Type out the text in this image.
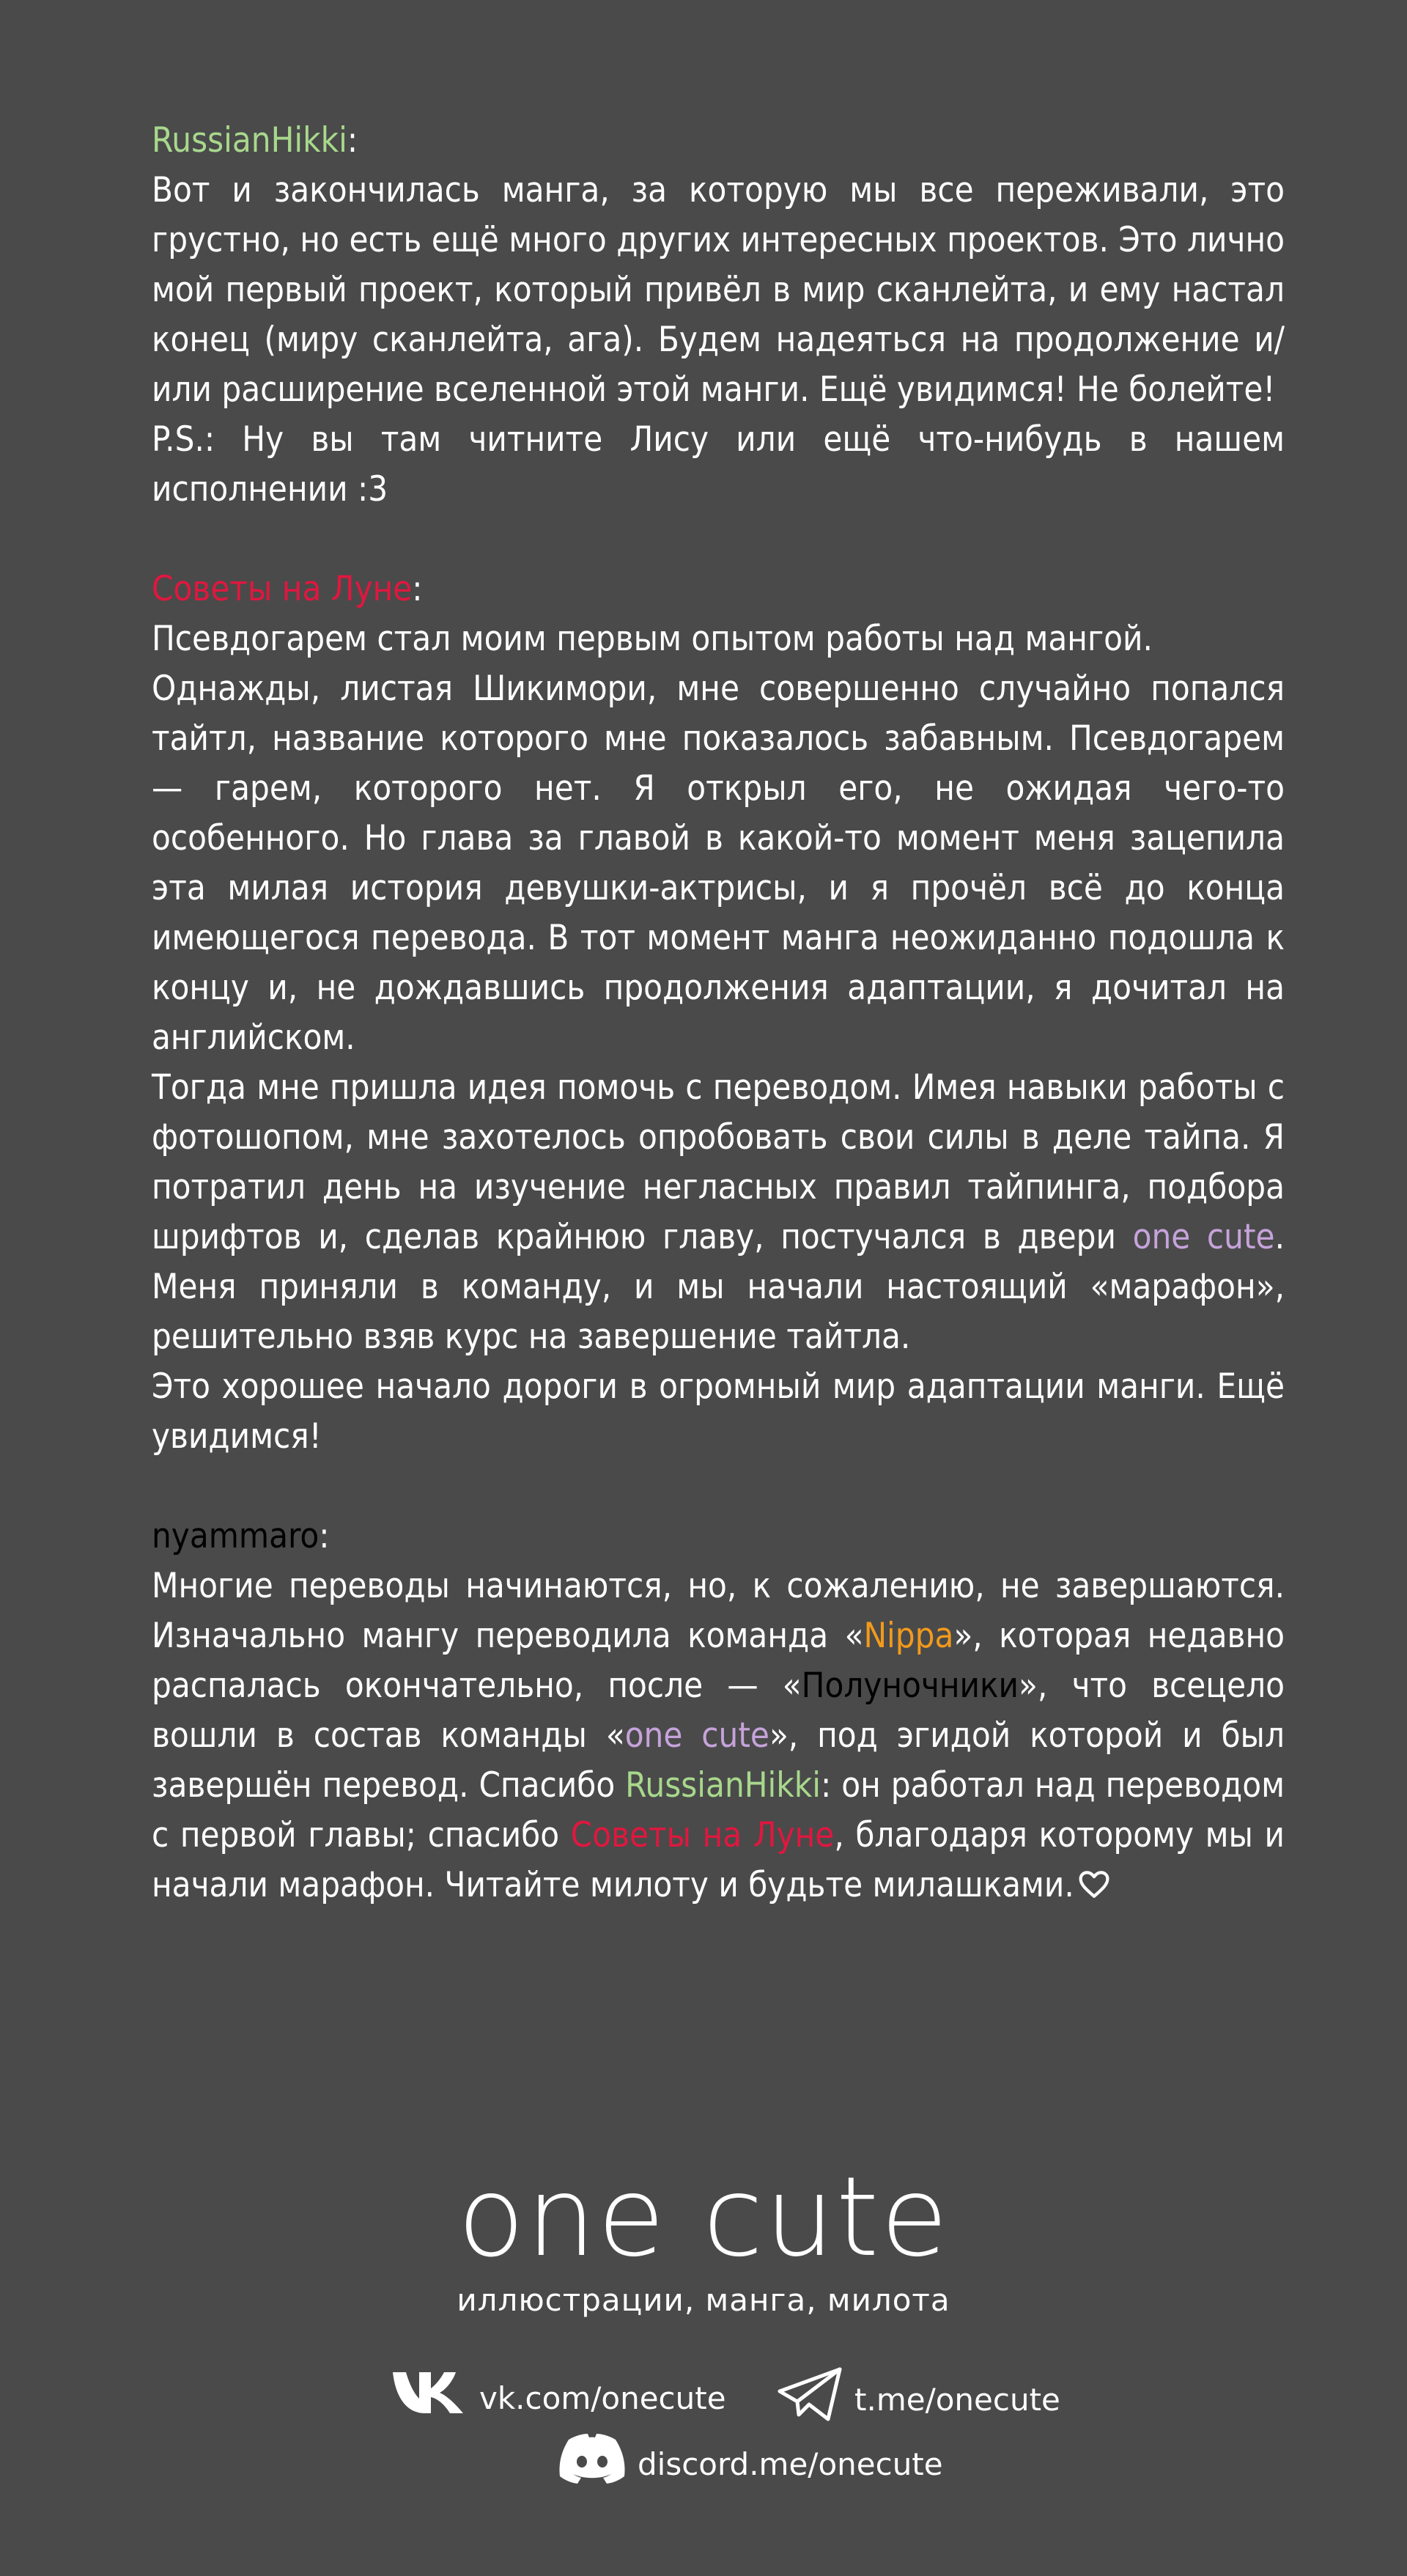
RussianHikki:

Вот и закончилась манга, за которую мы все переживали, это грустно, но есть ещё много других интересных проектов. Это лично мой первый проект, который привёл в мир сканлейта, и ему настал конец (миру сканлейта, ага). Будем надеяться на продолжение и/или расширение вселенной этой манги. Ещё увидимся! Не болейте!

P.S.: Ну вы там читните Лису или ещё что-нибудь в нашем исполнении :3

Советы на Луне:

Псевдогарем стал моим первым опытом работы над мангой.

Однажды, листая Шикимори, мне совершенно случайно попался тайтл, название которого мне показалось забавным. Псевдогарем — гарем, которого нет. Я открыл его, не ожидая чего-то особенного. Но глава за главой в какой-то момент меня зацепила эта милая история девушки-актрисы, и я прочёл всё до конца имеющегося перевода. В тот момент манга неожиданно подошла к концу и, не дождавшись продолжения адаптации, я дочитал на английском.

Тогда мне пришла идея помочь с переводом. Имея навыки работы с фотошопом, мне захотелось опробовать свои силы в деле тайпа. Я потратил день на изучение негласных правил тайпинга, подбора шрифтов и, сделав крайнюю главу, постучался в двери one cute. Меня приняли в команду, и мы начали настоящий «марафон», решительно взяв курс на завершение тайтла.

Это хорошее начало дороги в огромный мир адаптации манги. Ещё увидимся!

nyammaro:

Многие переводы начинаются, но, к сожалению, не завершаются. Изначально мангу переводила команда «Nippa», которая недавно распалась окончательно, после — «Полуночники», что всецело вошли в состав команды «one cute», под эгидой которой и был завершён перевод. Спасибо RussianHikki: он работал над переводом с первой главы; спасибо Советы на Луне, благодаря которому мы и начали марафон. Читайте милоту и будьте милашками.

one cute
иллюстрации, манга, милота
vk.com/onecute	t.me/onecute
discord.me/onecute
